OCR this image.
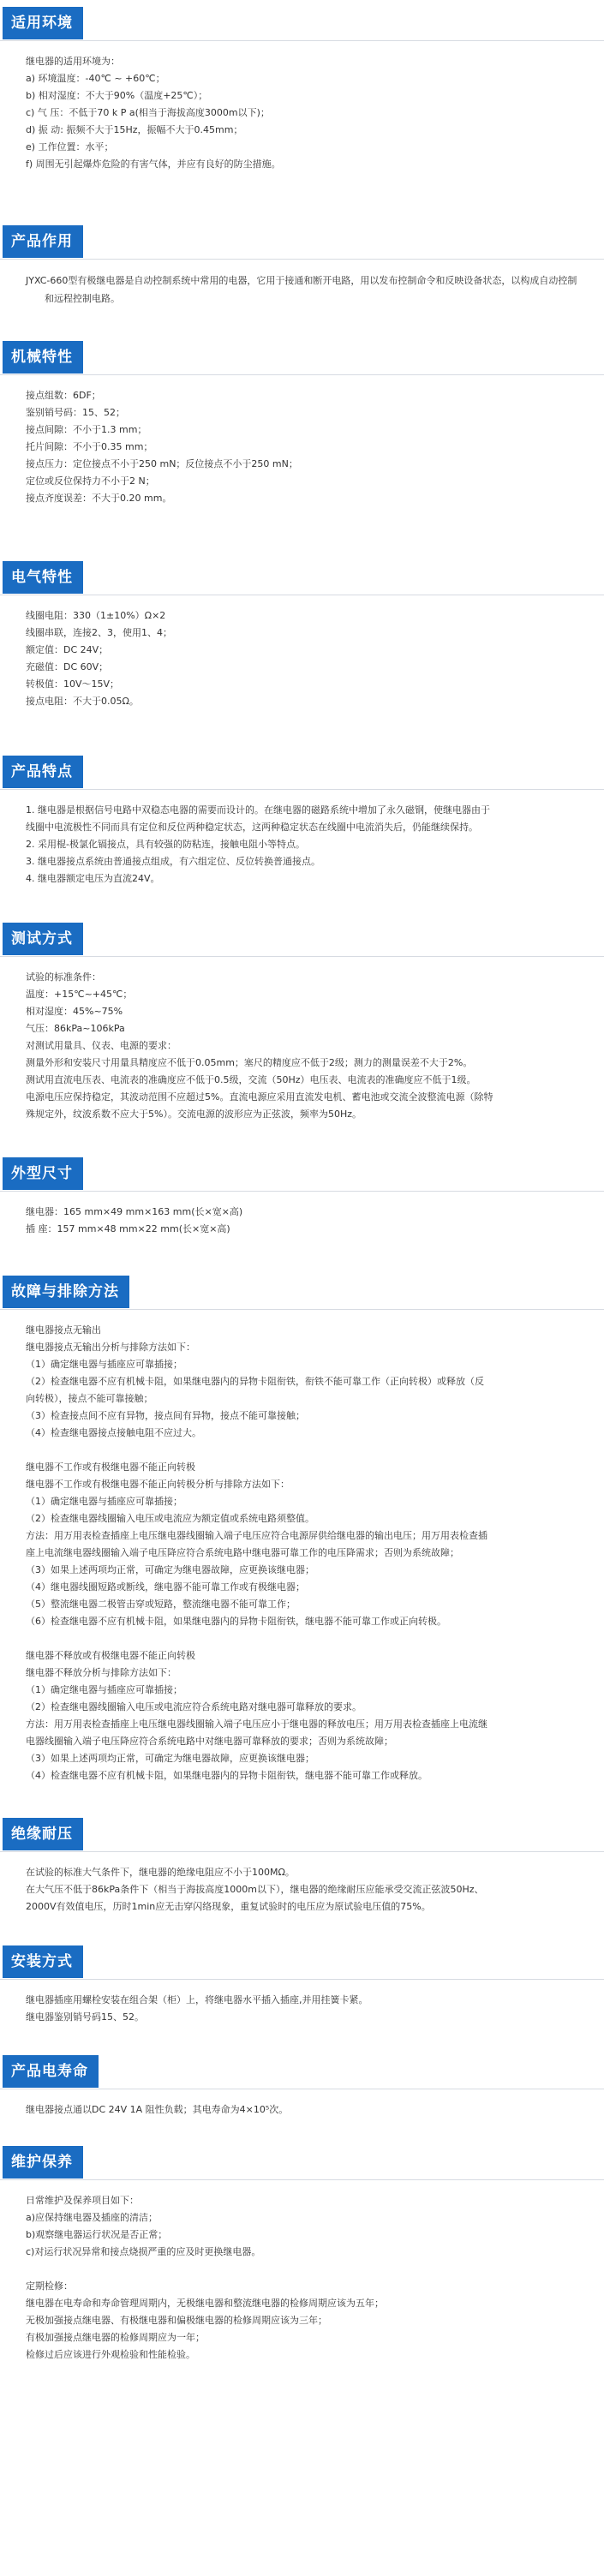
适用环境
继电器的适用环境为：
a) 环境温度：-40℃ ~ +60℃；
b) 相对湿度：不大于90%（温度+25℃）；
c) 气 压：不低于70 k P a(相当于海拔高度3000m以下)；
d) 振 动: 振频不大于15Hz，振幅不大于0.45mm；
e) 工作位置：水平；
f) 周围无引起爆炸危险的有害气体，并应有良好的防尘措施。
产品作用
JYXC-660型有极继电器是自动控制系统中常用的电器，它用于接通和断开电路，用以发布控制命令和反映设备状态，以构成自动控制和远程控制电路。
机械特性
接点组数：6DF；
鉴别销号码：15、52；
接点间隙：不小于1.3 mm；
托片间隙：不小于0.35 mm；
接点压力：定位接点不小于250 mN；反位接点不小于250 mN；
定位或反位保持力不小于2 N；
接点齐度误差：不大于0.20 mm。
电气特性
线圈电阻：330（1±10%）Ω×2
线圈串联，连接2、3，使用1、4；
额定值：DC 24V；
充磁值：DC 60V；
转极值：10V～15V；
接点电阻：不大于0.05Ω。
产品特点
1. 继电器是根据信号电路中双稳态电器的需要而设计的。在继电器的磁路系统中增加了永久磁钢，使继电器由于
线圈中电流极性不同而具有定位和反位两种稳定状态，这两种稳定状态在线圈中电流消失后，仍能继续保持。
2. 采用棍-极氯化镉接点，具有较强的防粘连，接触电阻小等特点。
3. 继电器接点系统由普通接点组成，有六组定位、反位转换普通接点。
4. 继电器额定电压为直流24V。
测试方式
试验的标准条件：
温度：+15℃~+45℃；
相对湿度：45%~75%
气压：86kPa~106kPa
对测试用量具、仪表、电源的要求：
测量外形和安装尺寸用量具精度应不低于0.05mm；塞尺的精度应不低于2级；测力的测量误差不大于2%。
测试用直流电压表、电流表的准确度应不低于0.5级，交流（50Hz）电压表、电流表的准确度应不低于1级。
电源电压应保持稳定，其波动范围不应超过5%。直流电源应采用直流发电机、蓄电池或交流全波整流电源（除特
殊规定外，纹波系数不应大于5%）。交流电源的波形应为正弦波，频率为50Hz。
外型尺寸
继电器：165 mm×49 mm×163 mm(长×宽×高)
插 座：157 mm×48 mm×22 mm(长×宽×高)
故障与排除方法
继电器接点无输出
继电器接点无输出分析与排除方法如下：
（1）确定继电器与插座应可靠插接；
（2）检查继电器不应有机械卡阻，如果继电器内的异物卡阻衔铁，衔铁不能可靠工作（正向转极）或释放（反
向转极），接点不能可靠接触；
（3）检查接点间不应有异物，接点间有异物，接点不能可靠接触；
（4）检查继电器接点接触电阻不应过大。
继电器不工作或有极继电器不能正向转极
继电器不工作或有极继电器不能正向转极分析与排除方法如下：
（1）确定继电器与插座应可靠插接；
（2）检查继电器线圈输入电压或电流应为额定值或系统电路须整值。
方法：用万用表检查插座上电压继电器线圈输入端子电压应符合电源屏供给继电器的输出电压；用万用表检查插
座上电流继电器线圈输入端子电压降应符合系统电路中继电器可靠工作的电压降需求；否则为系统故障；
（3）如果上述两项均正常，可确定为继电器故障，应更换该继电器；
（4）继电器线圈短路或断线，继电器不能可靠工作或有极继电器；
（5）整流继电器二极管击穿或短路，整流继电器不能可靠工作；
（6）检查继电器不应有机械卡阻，如果继电器内的异物卡阻衔铁，继电器不能可靠工作或正向转极。
继电器不释放或有极继电器不能正向转极
继电器不释放分析与排除方法如下：
（1）确定继电器与插座应可靠插接；
（2）检查继电器线圈输入电压或电流应符合系统电路对继电器可靠释放的要求。
方法：用万用表检查插座上电压继电器线圈输入端子电压应小于继电器的释放电压；用万用表检查插座上电流继
电器线圈输入端子电压降应符合系统电路中对继电器可靠释放的要求；否则为系统故障；
（3）如果上述两项均正常，可确定为继电器故障，应更换该继电器；
（4）检查继电器不应有机械卡阻，如果继电器内的异物卡阻衔铁，继电器不能可靠工作或释放。
绝缘耐压
在试验的标准大气条件下，继电器的绝缘电阻应不小于100MΩ。
在大气压不低于86kPa条件下（相当于海拔高度1000m以下），继电器的绝缘耐压应能承受交流正弦波50Hz、
2000V有效值电压，历时1min应无击穿闪络现象，重复试验时的电压应为原试验电压值的75%。
安装方式
继电器插座用螺栓安装在组合架（柜）上，将继电器水平插入插座,并用挂簧卡紧。
继电器鉴别销号码15、52。
产品电寿命
继电器接点通以DC 24V 1A 阻性负载；其电寿命为4×10⁵次。
维护保养
日常维护及保养项目如下：
a)应保持继电器及插座的清洁；
b)观察继电器运行状况是否正常；
c)对运行状况异常和接点烧损严重的应及时更换继电器。
定期检修：
继电器在电寿命和寿命管理周期内，无极继电器和整流继电器的检修周期应该为五年；
无极加强接点继电器、有极继电器和偏极继电器的检修周期应该为三年；
有极加强接点继电器的检修周期应为一年；
检修过后应该进行外观检验和性能检验。
